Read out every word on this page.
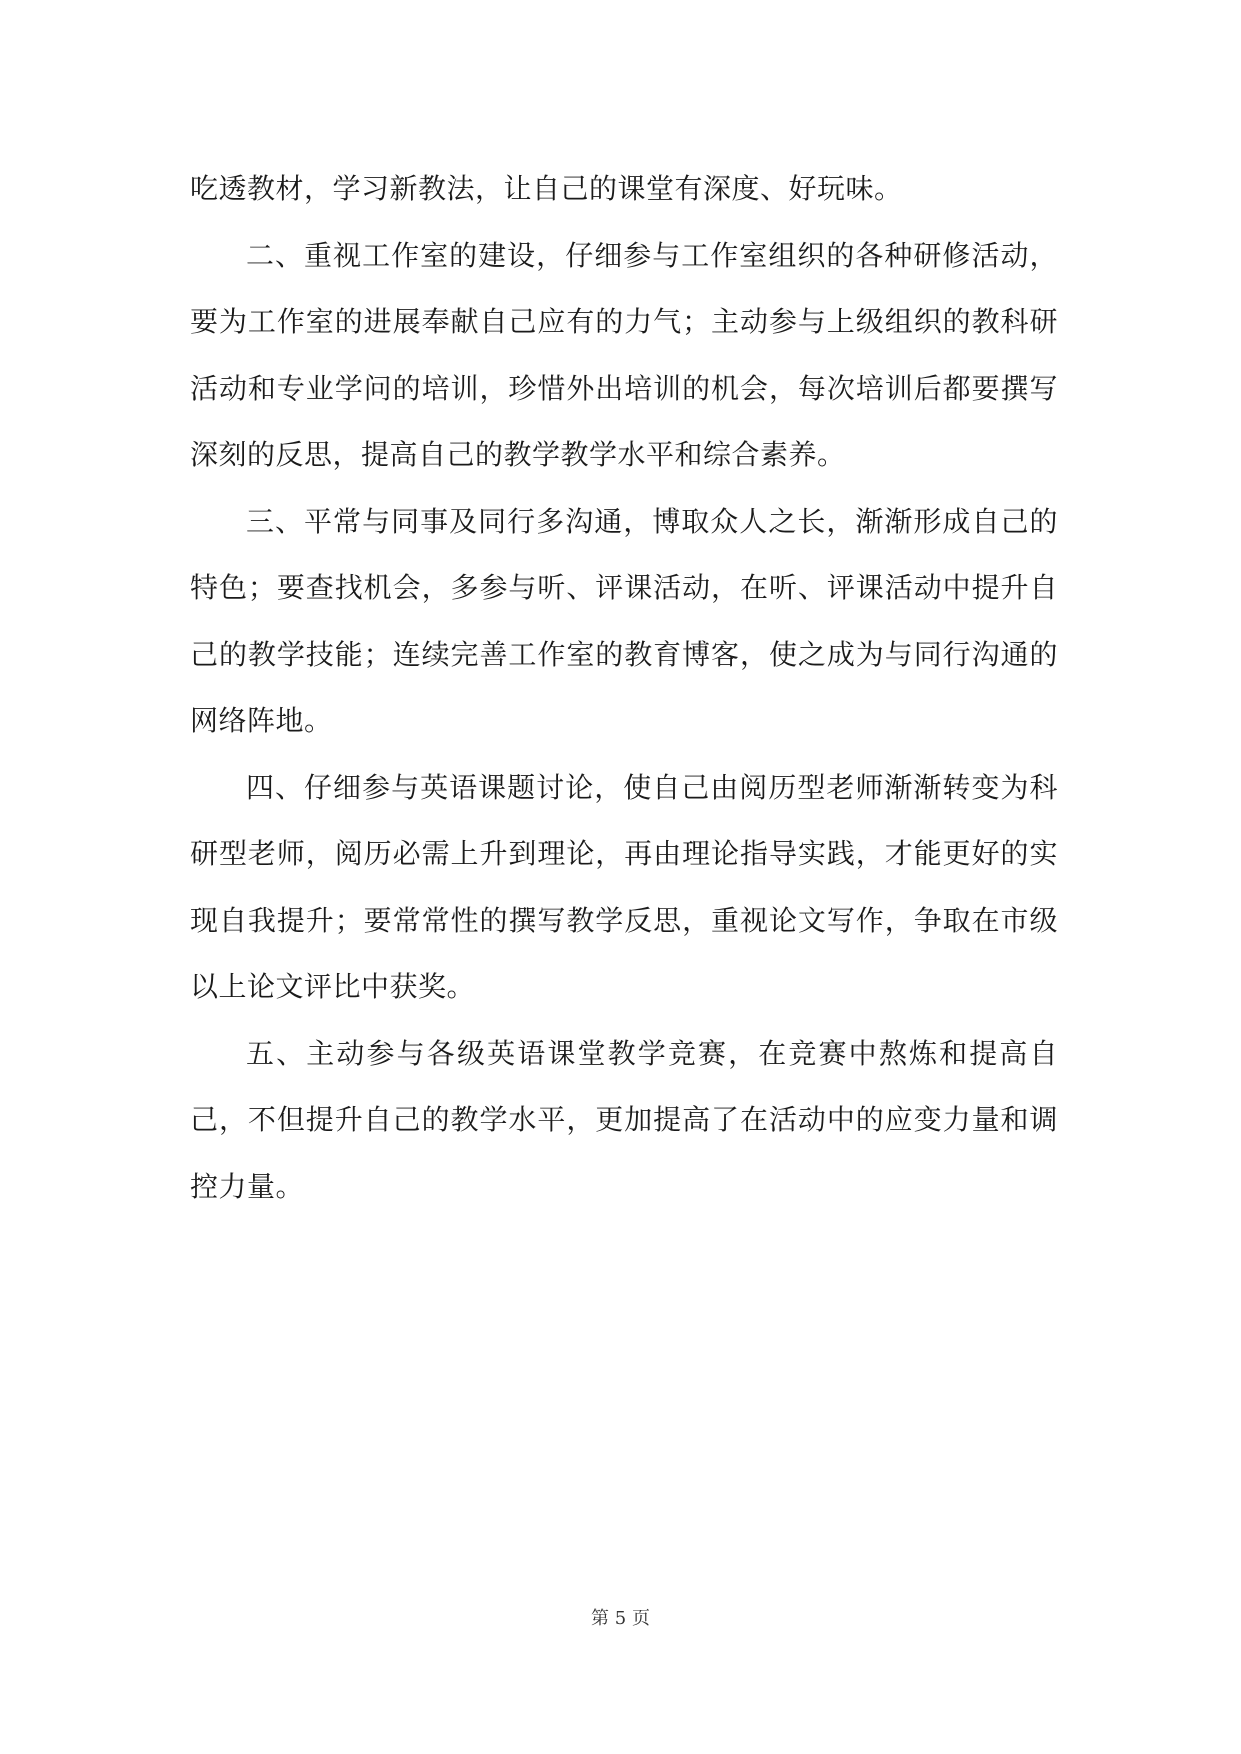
吃透教材，学习新教法，让自己的课堂有深度、好玩味。

二、重视工作室的建设，仔细参与工作室组织的各种研修活动，要为工作室的进展奉献自己应有的力气；主动参与上级组织的教科研活动和专业学问的培训，珍惜外出培训的机会，每次培训后都要撰写深刻的反思，提高自己的教学教学水平和综合素养。

三、平常与同事及同行多沟通，博取众人之长，渐渐形成自己的特色；要查找机会，多参与听、评课活动，在听、评课活动中提升自己的教学技能；连续完善工作室的教育博客，使之成为与同行沟通的网络阵地。

四、仔细参与英语课题讨论，使自己由阅历型老师渐渐转变为科研型老师，阅历必需上升到理论，再由理论指导实践，才能更好的实现自我提升；要常常性的撰写教学反思，重视论文写作，争取在市级以上论文评比中获奖。

五、主动参与各级英语课堂教学竞赛，在竞赛中熬炼和提高自己，不但提升自己的教学水平，更加提高了在活动中的应变力量和调控力量。

第 5 页
